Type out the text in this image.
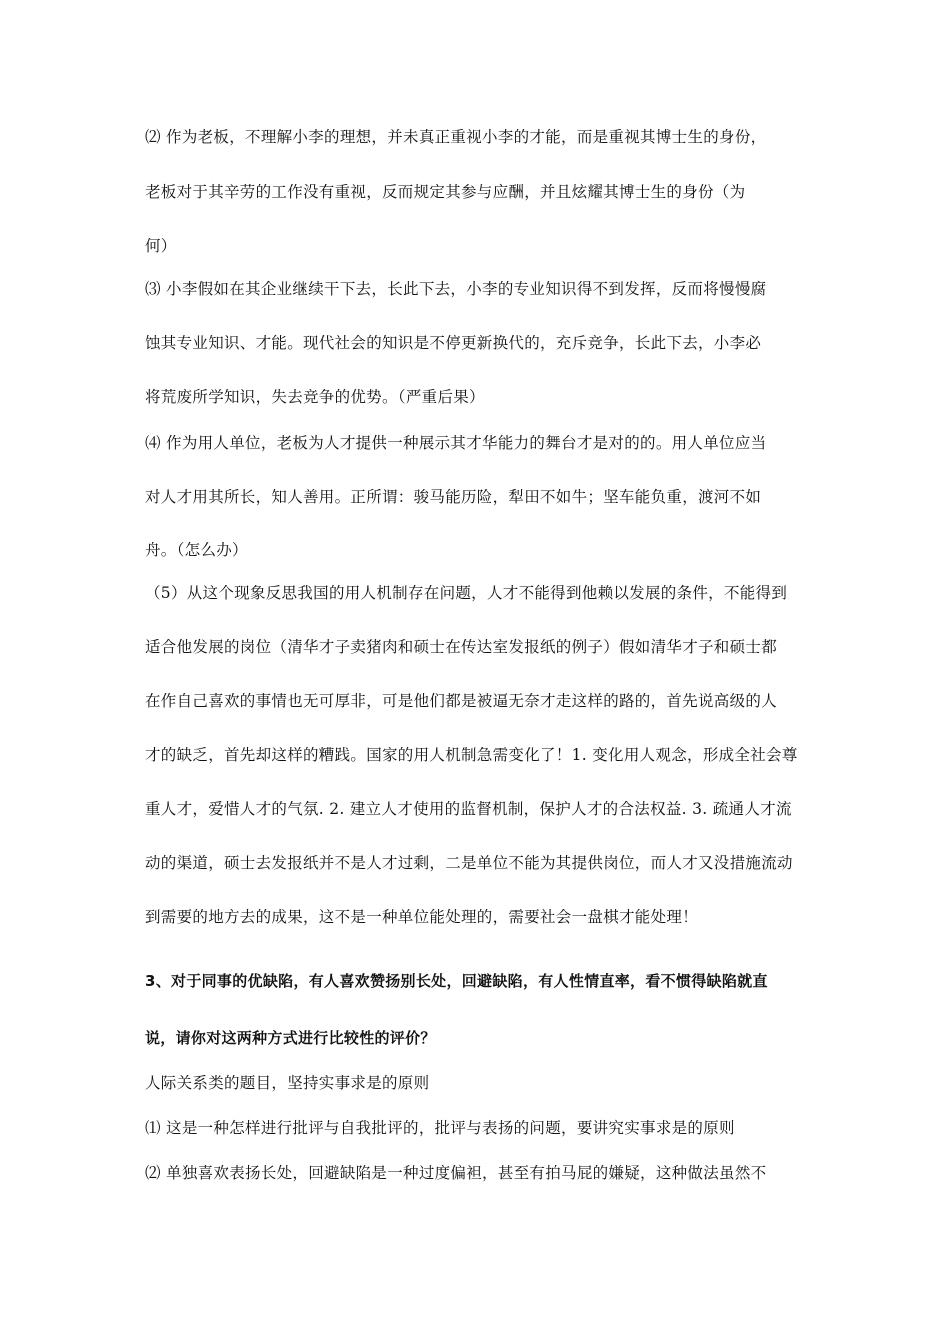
⑵ 作为老板，不理解小李的理想，并未真正重视小李的才能，而是重视其博士生的身份，
老板对于其辛劳的工作没有重视，反而规定其参与应酬，并且炫耀其博士生的身份（为
何）
⑶ 小李假如在其企业继续干下去，长此下去，小李的专业知识得不到发挥，反而将慢慢腐
蚀其专业知识、才能。现代社会的知识是不停更新换代的，充斥竞争，长此下去，小李必
将荒废所学知识，失去竞争的优势。（严重后果）
⑷ 作为用人单位，老板为人才提供一种展示其才华能力的舞台才是对的的。用人单位应当
对人才用其所长，知人善用。正所谓：骏马能历险，犁田不如牛；坚车能负重，渡河不如
舟。（怎么办）
（5）从这个现象反思我国的用人机制存在问题，人才不能得到他赖以发展的条件，不能得到
适合他发展的岗位（清华才子卖猪肉和硕士在传达室发报纸的例子）假如清华才子和硕士都
在作自己喜欢的事情也无可厚非，可是他们都是被逼无奈才走这样的路的，首先说高级的人
才的缺乏，首先却这样的糟践。国家的用人机制急需变化了！1. 变化用人观念，形成全社会尊
重人才，爱惜人才的气氛. 2. 建立人才使用的监督机制，保护人才的合法权益. 3. 疏通人才流
动的渠道，硕士去发报纸并不是人才过剩，二是单位不能为其提供岗位，而人才又没措施流动
到需要的地方去的成果，这不是一种单位能处理的，需要社会一盘棋才能处理！
3、对于同事的优缺陷，有人喜欢赞扬别长处，回避缺陷，有人性情直率，看不惯得缺陷就直
说，请你对这两种方式进行比较性的评价？
人际关系类的题目，坚持实事求是的原则
⑴ 这是一种怎样进行批评与自我批评的，批评与表扬的问题，要讲究实事求是的原则
⑵ 单独喜欢表扬长处，回避缺陷是一种过度偏袒，甚至有拍马屁的嫌疑，这种做法虽然不
